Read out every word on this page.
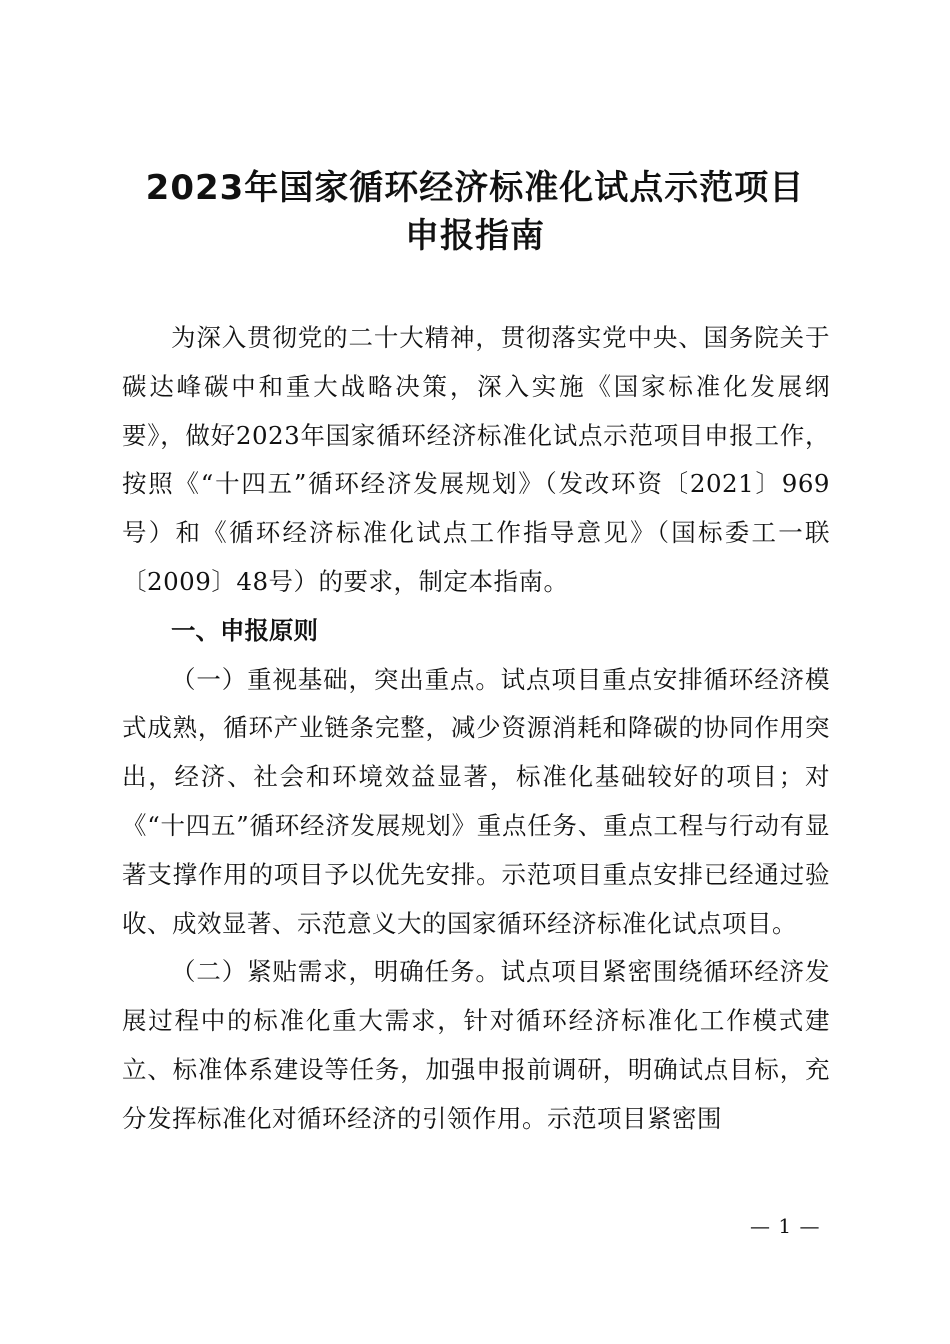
2023年国家循环经济标准化试点示范项目
申报指南

为深入贯彻党的二十大精神，贯彻落实党中央、国务院关于碳达峰碳中和重大战略决策，深入实施《国家标准化发展纲要》，做好2023年国家循环经济标准化试点示范项目申报工作，按照《“十四五”循环经济发展规划》（发改环资〔2021〕969号）和《循环经济标准化试点工作指导意见》（国标委工一联〔2009〕48号）的要求，制定本指南。

一、申报原则

（一）重视基础，突出重点。试点项目重点安排循环经济模式成熟，循环产业链条完整，减少资源消耗和降碳的协同作用突出，经济、社会和环境效益显著，标准化基础较好的项目；对《“十四五”循环经济发展规划》重点任务、重点工程与行动有显著支撑作用的项目予以优先安排。示范项目重点安排已经通过验收、成效显著、示范意义大的国家循环经济标准化试点项目。

（二）紧贴需求，明确任务。试点项目紧密围绕循环经济发展过程中的标准化重大需求，针对循环经济标准化工作模式建立、标准体系建设等任务，加强申报前调研，明确试点目标，充分发挥标准化对循环经济的引领作用。示范项目紧密围

— 1 —
